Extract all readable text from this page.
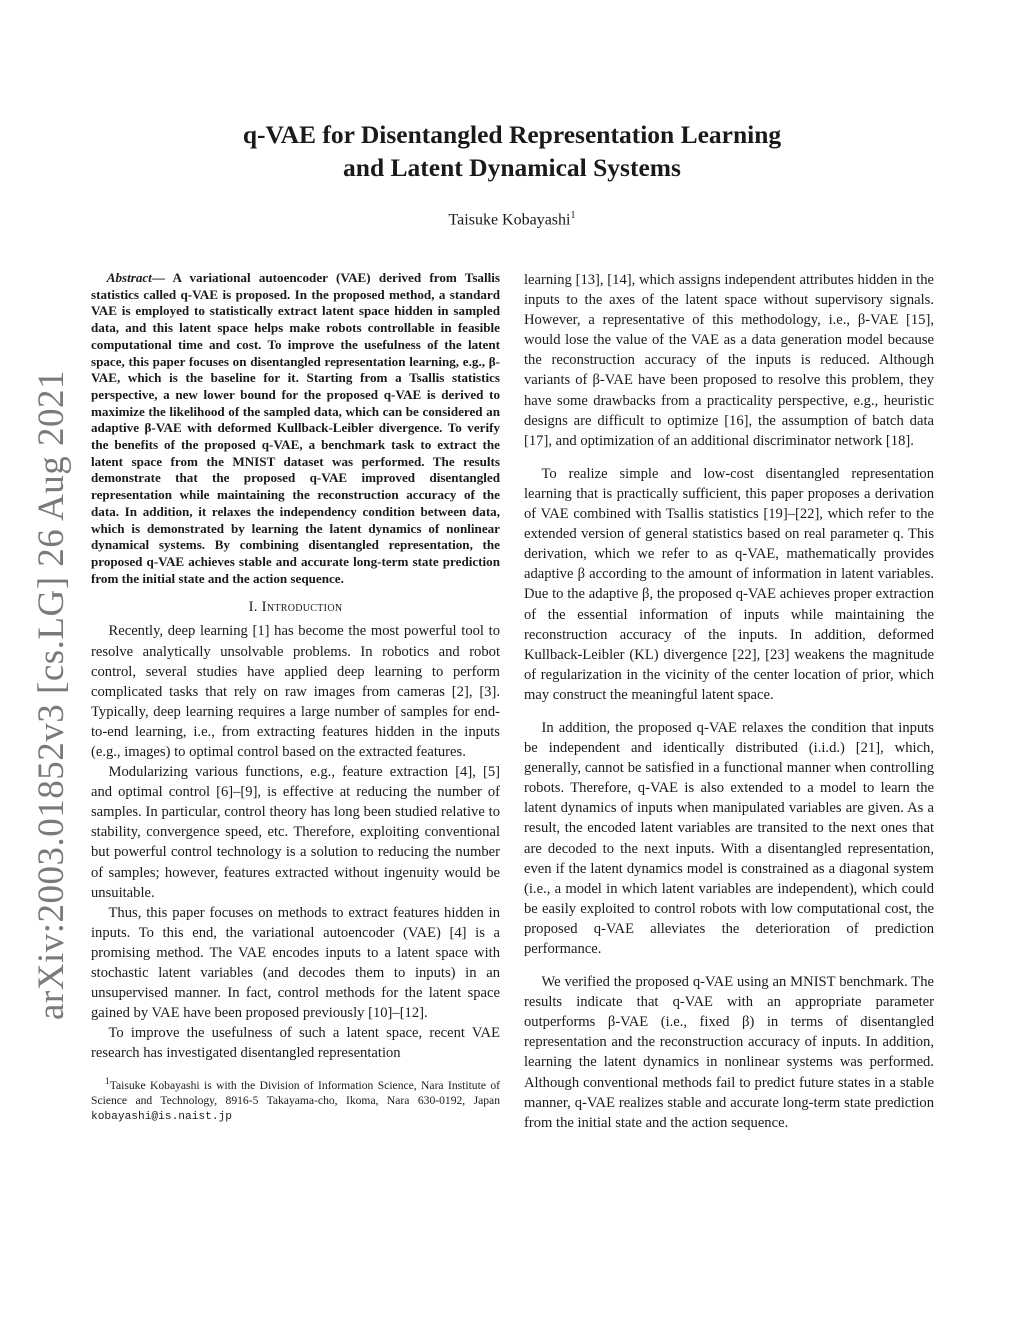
arXiv:2003.01852v3 [cs.LG] 26 Aug 2021
q-VAE for Disentangled Representation Learning
and Latent Dynamical Systems
Taisuke Kobayashi$^1$

Abstract— A variational autoencoder (VAE) derived from Tsallis statistics called q-VAE is proposed. In the proposed method, a standard VAE is employed to statistically extract latent space hidden in sampled data, and this latent space helps make robots controllable in feasible computational time and cost. To improve the usefulness of the latent space, this paper focuses on disentangled representation learning, e.g., β-VAE, which is the baseline for it. Starting from a Tsallis statistics perspective, a new lower bound for the proposed q-VAE is derived to maximize the likelihood of the sampled data, which can be considered an adaptive β-VAE with deformed Kullback-Leibler divergence. To verify the benefits of the proposed q-VAE, a benchmark task to extract the latent space from the MNIST dataset was performed. The results demonstrate that the proposed q-VAE improved disentangled representation while maintaining the reconstruction accuracy of the data. In addition, it relaxes the independency condition between data, which is demonstrated by learning the latent dynamics of nonlinear dynamical systems. By combining disentangled representation, the proposed q-VAE achieves stable and accurate long-term state prediction from the initial state and the action sequence.

I. Introduction

Recently, deep learning [1] has become the most powerful tool to resolve analytically unsolvable problems. In robotics and robot control, several studies have applied deep learning to perform complicated tasks that rely on raw images from cameras [2], [3]. Typically, deep learning requires a large number of samples for end-to-end learning, i.e., from extracting features hidden in the inputs (e.g., images) to optimal control based on the extracted features.

Modularizing various functions, e.g., feature extraction [4], [5] and optimal control [6]–[9], is effective at reducing the number of samples. In particular, control theory has long been studied relative to stability, convergence speed, etc. Therefore, exploiting conventional but powerful control technology is a solution to reducing the number of samples; however, features extracted without ingenuity would be unsuitable.

Thus, this paper focuses on methods to extract features hidden in inputs. To this end, the variational autoencoder (VAE) [4] is a promising method. The VAE encodes inputs to a latent space with stochastic latent variables (and decodes them to inputs) in an unsupervised manner. In fact, control methods for the latent space gained by VAE have been proposed previously [10]–[12].

To improve the usefulness of such a latent space, recent VAE research has investigated disentangled representation

$^1$Taisuke Kobayashi is with the Division of Information Science, Nara Institute of Science and Technology, 8916-5 Takayama-cho, Ikoma, Nara 630-0192, Japan kobayashi@is.naist.jp

learning [13], [14], which assigns independent attributes hidden in the inputs to the axes of the latent space without supervisory signals. However, a representative of this methodology, i.e., β-VAE [15], would lose the value of the VAE as a data generation model because the reconstruction accuracy of the inputs is reduced. Although variants of β-VAE have been proposed to resolve this problem, they have some drawbacks from a practicality perspective, e.g., heuristic designs are difficult to optimize [16], the assumption of batch data [17], and optimization of an additional discriminator network [18].

To realize simple and low-cost disentangled representation learning that is practically sufficient, this paper proposes a derivation of VAE combined with Tsallis statistics [19]–[22], which refer to the extended version of general statistics based on real parameter q. This derivation, which we refer to as q-VAE, mathematically provides adaptive β according to the amount of information in latent variables. Due to the adaptive β, the proposed q-VAE achieves proper extraction of the essential information of inputs while maintaining the reconstruction accuracy of the inputs. In addition, deformed Kullback-Leibler (KL) divergence [22], [23] weakens the magnitude of regularization in the vicinity of the center location of prior, which may construct the meaningful latent space.

In addition, the proposed q-VAE relaxes the condition that inputs be independent and identically distributed (i.i.d.) [21], which, generally, cannot be satisfied in a functional manner when controlling robots. Therefore, q-VAE is also extended to a model to learn the latent dynamics of inputs when manipulated variables are given. As a result, the encoded latent variables are transited to the next ones that are decoded to the next inputs. With a disentangled representation, even if the latent dynamics model is constrained as a diagonal system (i.e., a model in which latent variables are independent), which could be easily exploited to control robots with low computational cost, the proposed q-VAE alleviates the deterioration of prediction performance.

We verified the proposed q-VAE using an MNIST benchmark. The results indicate that q-VAE with an appropriate parameter outperforms β-VAE (i.e., fixed β) in terms of disentangled representation and the reconstruction accuracy of inputs. In addition, learning the latent dynamics in nonlinear systems was performed. Although conventional methods fail to predict future states in a stable manner, q-VAE realizes stable and accurate long-term state prediction from the initial state and the action sequence.
